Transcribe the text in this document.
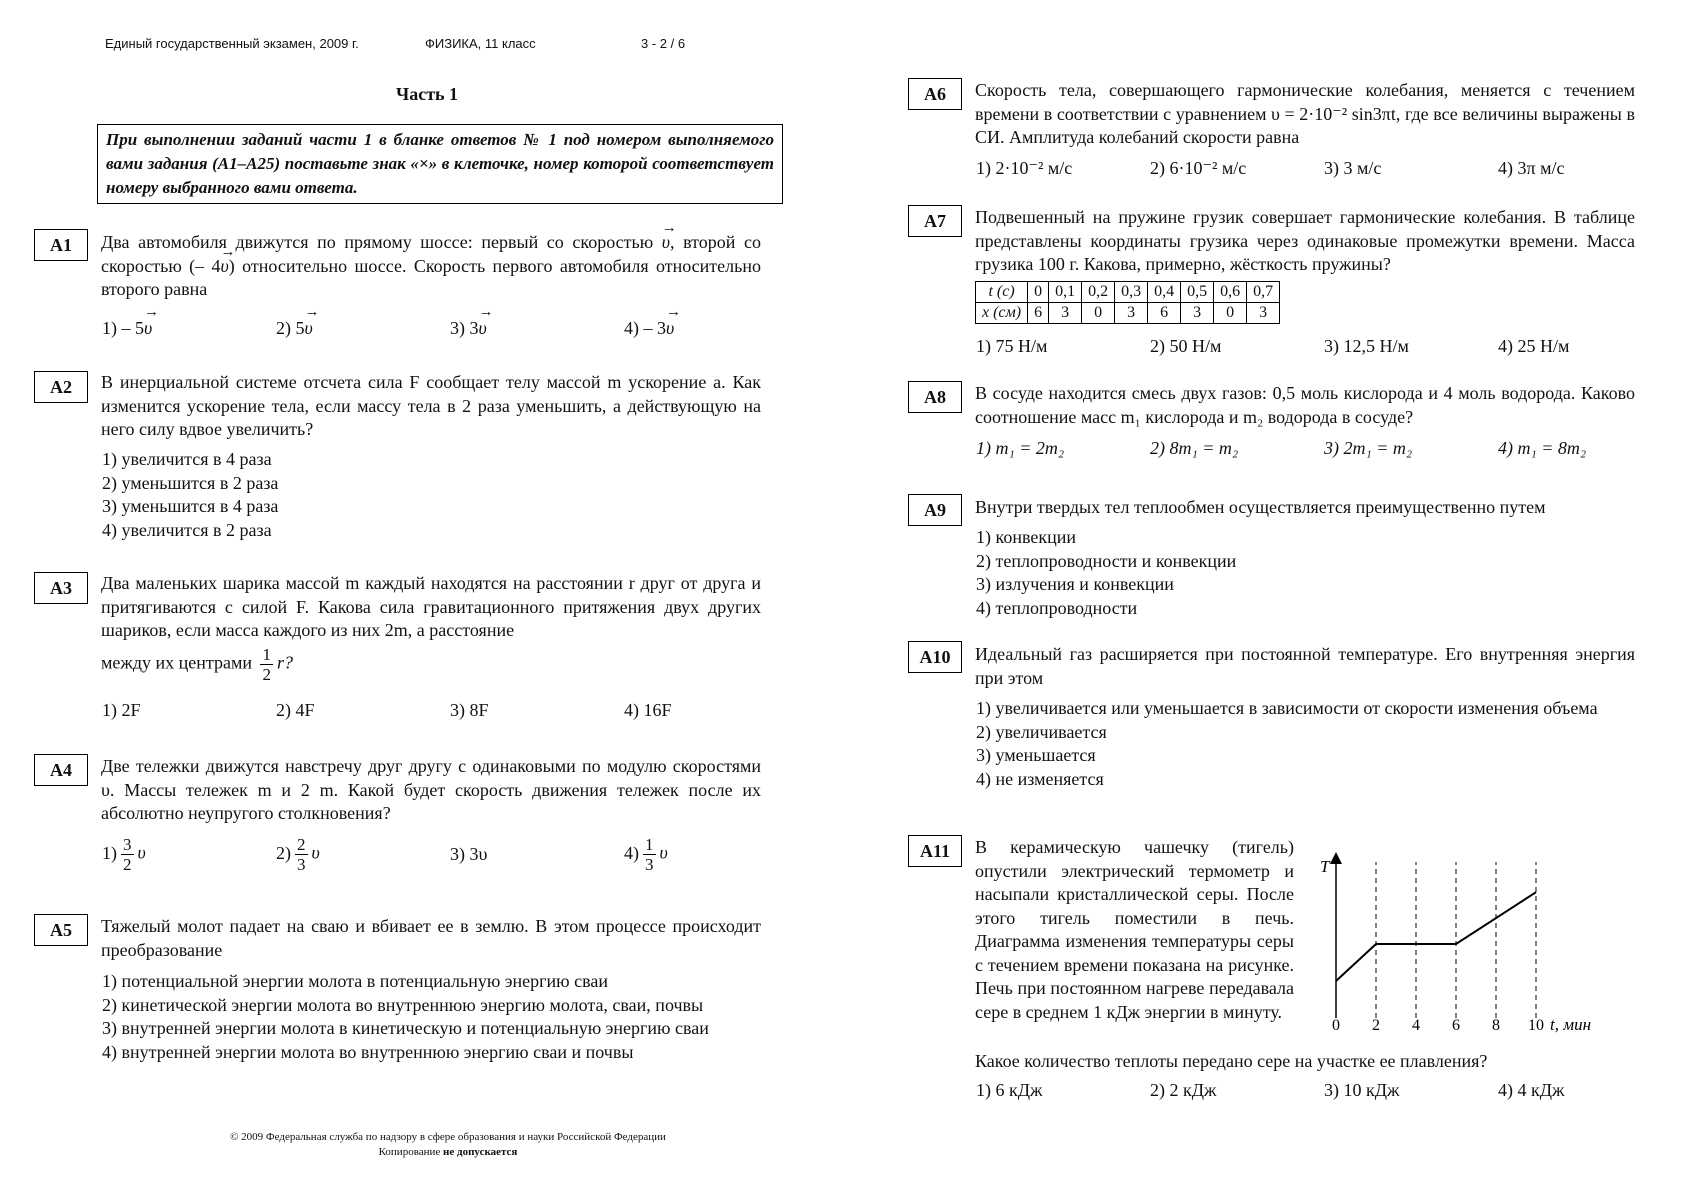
Единый государственный экзамен, 2009 г.	ФИЗИКА, 11 класс	3 - 2 / 6
Часть 1
При выполнении заданий части 1 в бланке ответов № 1 под номером выполняемого вами задания (А1–А25) поставьте знак «×» в клеточке, номер которой соответствует номеру выбранного вами ответа.
А1	Два автомобиля движутся по прямому шоссе: первый со скоростью → υ, второй со скоростью (– 4→ υ) относительно шоссе. Скорость первого автомобиля относительно второго равна
1) – 5→ υ	2) 5→ υ	3) 3→ υ	4) – 3→ υ
А2	В инерциальной системе отсчета сила F сообщает телу массой m ускорение a. Как изменится ускорение тела, если массу тела в 2 раза уменьшить, а действующую на него силу вдвое увеличить?
1) увеличится в 4 раза
2) уменьшится в 2 раза
3) уменьшится в 4 раза
4) увеличится в 2 раза
А3	Два маленьких шарика массой m каждый находятся на расстоянии r друг от друга и притягиваются с силой F. Какова сила гравитационного притяжения двух других шариков, если масса каждого из них 2m, а расстояние
между их центрами $\frac{1}{2} r$?
1) 2F	2) 4F	3) 8F	4) 16F
А4	Две тележки движутся навстречу друг другу с одинаковыми по модулю скоростями υ. Массы тележек m и 2 m. Какой будет скорость движения тележек после их абсолютно неупругого столкновения?
$1) \frac{3}{2}$ υ	$2) \frac{2}{3}$ υ	3) 3υ	$4) \frac{1}{3}$ υ
А5	Тяжелый молот падает на сваю и вбивает ее в землю. В этом процессе происходит преобразование
1) потенциальной энергии молота в потенциальную энергию сваи
2) кинетической энергии молота во внутреннюю энергию молота, сваи, почвы
3) внутренней энергии молота в кинетическую и потенциальную энергию сваи
4) внутренней энергии молота во внутреннюю энергию сваи и почвы
© 2009 Федеральная служба по надзору в сфере образования и науки Российской Федерации
Копирование не допускается
А6	Скорость тела, совершающего гармонические колебания, меняется с течением времени в соответствии с уравнением υ = 2·10⁻² sin3πt, где все величины выражены в СИ. Амплитуда колебаний скорости равна
1) 2·10⁻² м/с	2) 6·10⁻² м/с	3) 3 м/с	4) 3π м/с
А7	Подвешенный на пружине грузик совершает гармонические колебания. В таблице представлены координаты грузика через одинаковые промежутки времени. Масса грузика 100 г. Какова, примерно, жёсткость пружины?
t (c)	0	0,1	0,2	0,3	0,4	0,5	0,6	0,7
x (см)	6	3	0	3	6	3	0	3
1) 75 Н/м	2) 50 Н/м	3) 12,5 Н/м	4) 25 Н/м
А8	В сосуде находится смесь двух газов: 0,5 моль кислорода и 4 моль водорода. Каково соотношение масс m₁ кислорода и m₂ водорода в сосуде?
1) m₁ = 2m₂	2) 8m₁ = m₂	3) 2m₁ = m₂	4) m₁ = 8m₂
А9	Внутри твердых тел теплообмен осуществляется преимущественно путем
1) конвекции
2) теплопроводности и конвекции
3) излучения и конвекции
4) теплопроводности
А10	Идеальный газ расширяется при постоянной температуре. Его внутренняя энергия при этом
1) увеличивается или уменьшается в зависимости от скорости изменения объема
2) увеличивается
3) уменьшается
4) не изменяется
А11	В керамическую чашечку (тигель) опустили электрический термометр и насыпали кристаллической серы. После этого тигель поместили в печь. Диаграмма изменения температуры серы с течением времени показана на рисунке. Печь при постоянном нагреве передавала сере в среднем 1 кДж энергии в минуту.
Какое количество теплоты передано сере на участке ее плавления?
1) 6 кДж	2) 2 кДж	3) 10 кДж	4) 4 кДж
T
0 2 4 6 8 10 t, мин
